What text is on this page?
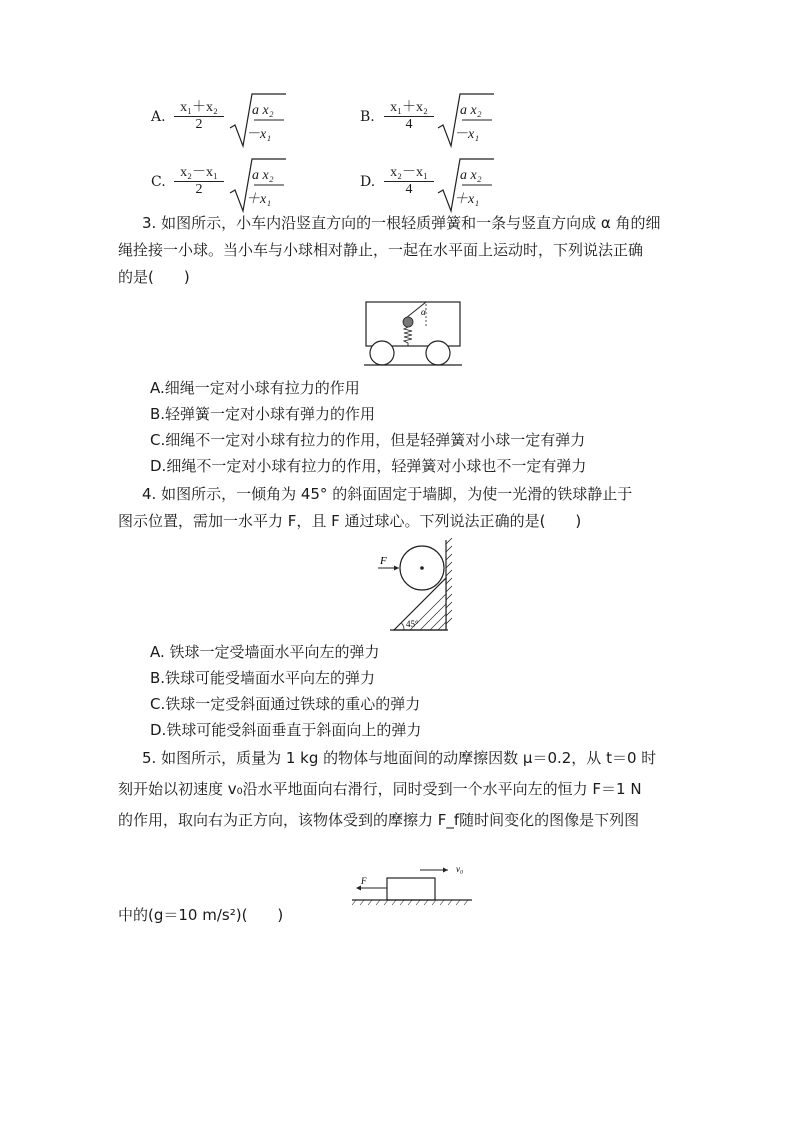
A. $\frac{\text{x₁＋x₂}}{2}$ a x₂
－x₁
B. $\frac{\text{x₁＋x₂}}{4}$ a x₂
－x₁
C. $\frac{\text{x₂－x₁}}{2}$ a x₂
＋x₁
D. $\frac{\text{x₂－x₁}}{4}$ a x₂
＋x₁
3. 如图所示，小车内沿竖直方向的一根轻质弹簧和一条与竖直方向成 α 角的细
绳拴接一小球。当小车与小球相对静止，一起在水平面上运动时，下列说法正确
的是(　　)
α
A.细绳一定对小球有拉力的作用
B.轻弹簧一定对小球有弹力的作用
C.细绳不一定对小球有拉力的作用，但是轻弹簧对小球一定有弹力
D.细绳不一定对小球有拉力的作用，轻弹簧对小球也不一定有弹力
4. 如图所示，一倾角为 45° 的斜面固定于墙脚，为使一光滑的铁球静止于
图示位置，需加一水平力 F，且 F 通过球心。下列说法正确的是(　　)
F
45°
A. 铁球一定受墙面水平向左的弹力
B.铁球可能受墙面水平向左的弹力
C.铁球一定受斜面通过铁球的重心的弹力
D.铁球可能受斜面垂直于斜面向上的弹力
5. 如图所示，质量为 1 kg 的物体与地面间的动摩擦因数 μ＝0.2，从 t＝0 时
刻开始以初速度 v₀沿水平地面向右滑行，同时受到一个水平向左的恒力 F＝1 N
的作用，取向右为正方向，该物体受到的摩擦力 F_f随时间变化的图像是下列图
v₀
F
中的(g＝10 m/s²)(　　)
